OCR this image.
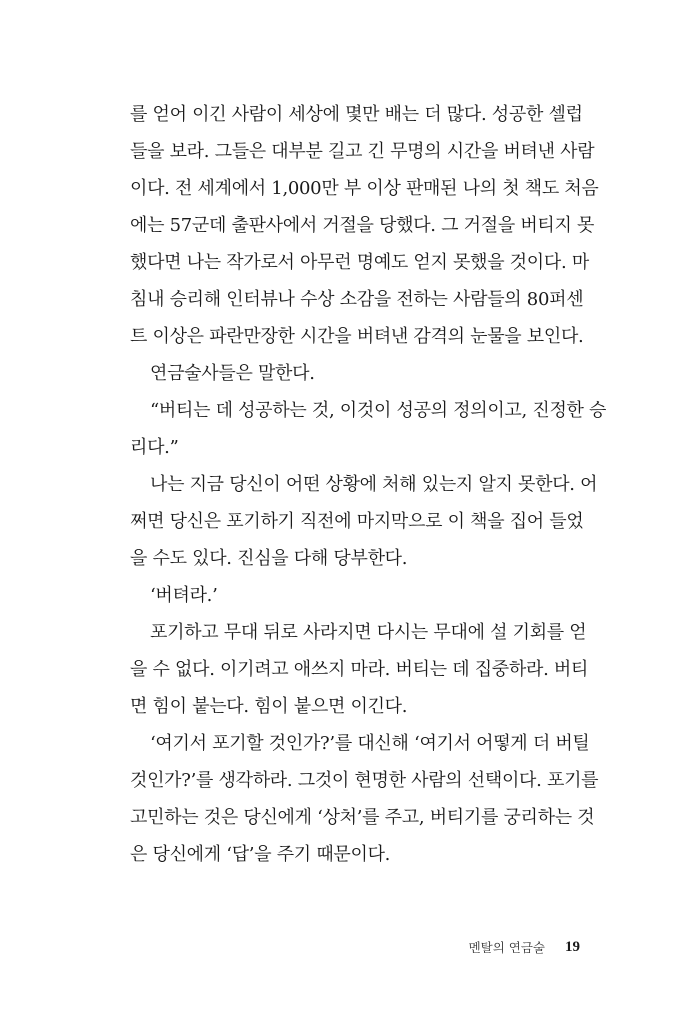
를 얻어 이긴 사람이 세상에 몇만 배는 더 많다. 성공한 셀럽
들을 보라. 그들은 대부분 길고 긴 무명의 시간을 버텨낸 사람
이다. 전 세계에서 1,000만 부 이상 판매된 나의 첫 책도 처음
에는 57군데 출판사에서 거절을 당했다. 그 거절을 버티지 못
했다면 나는 작가로서 아무런 명예도 얻지 못했을 것이다. 마
침내 승리해 인터뷰나 수상 소감을 전하는 사람들의 80퍼센
트 이상은 파란만장한 시간을 버텨낸 감격의 눈물을 보인다.
연금술사들은 말한다.
“버티는 데 성공하는 것, 이것이 성공의 정의이고, 진정한 승
리다.”
나는 지금 당신이 어떤 상황에 처해 있는지 알지 못한다. 어
쩌면 당신은 포기하기 직전에 마지막으로 이 책을 집어 들었
을 수도 있다. 진심을 다해 당부한다.
‘버텨라.’
포기하고 무대 뒤로 사라지면 다시는 무대에 설 기회를 얻
을 수 없다. 이기려고 애쓰지 마라. 버티는 데 집중하라. 버티
면 힘이 붙는다. 힘이 붙으면 이긴다.
‘여기서 포기할 것인가?’를 대신해 ‘여기서 어떻게 더 버틸
것인가?’를 생각하라. 그것이 현명한 사람의 선택이다. 포기를
고민하는 것은 당신에게 ‘상처’를 주고, 버티기를 궁리하는 것
은 당신에게 ‘답’을 주기 때문이다.
멘탈의 연금술 19
